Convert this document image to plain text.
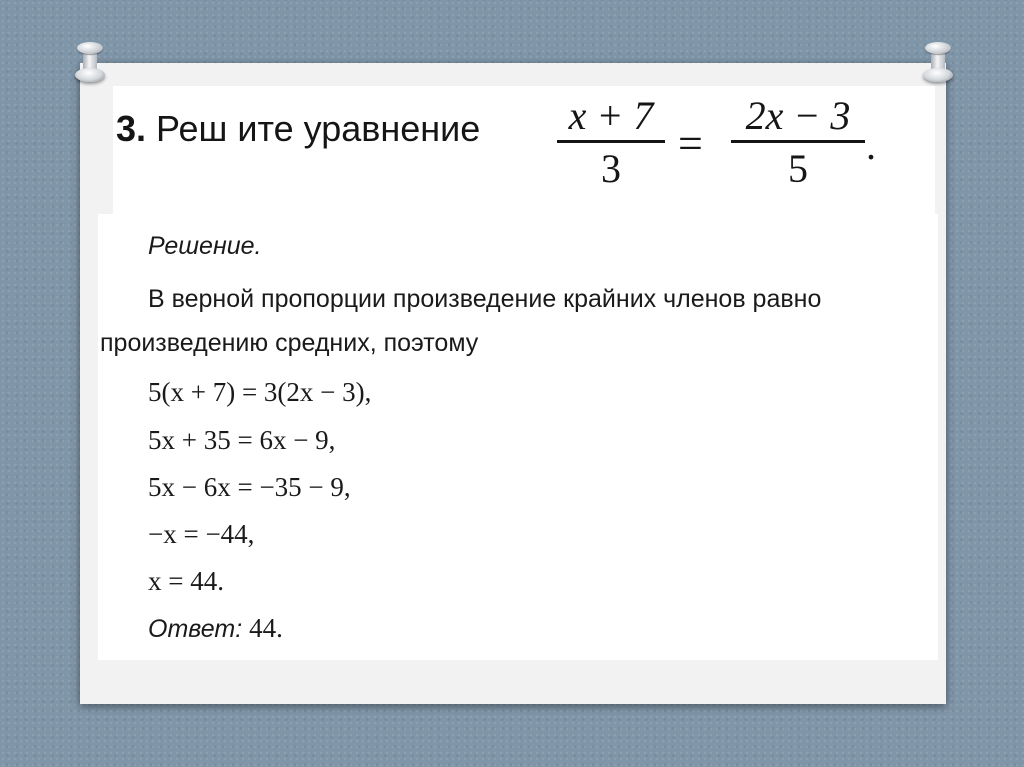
3. Реш ите уравнение x + 7
3
=
2x − 3
5
.
Решение.
В верной пропорции произведение крайних членов равно
произведению средних, поэтому
5(x + 7) = 3(2x − 3),
5x + 35 = 6x − 9,
5x − 6x = −35 − 9,
−x = −44,
x = 44.
Ответ: 44.
